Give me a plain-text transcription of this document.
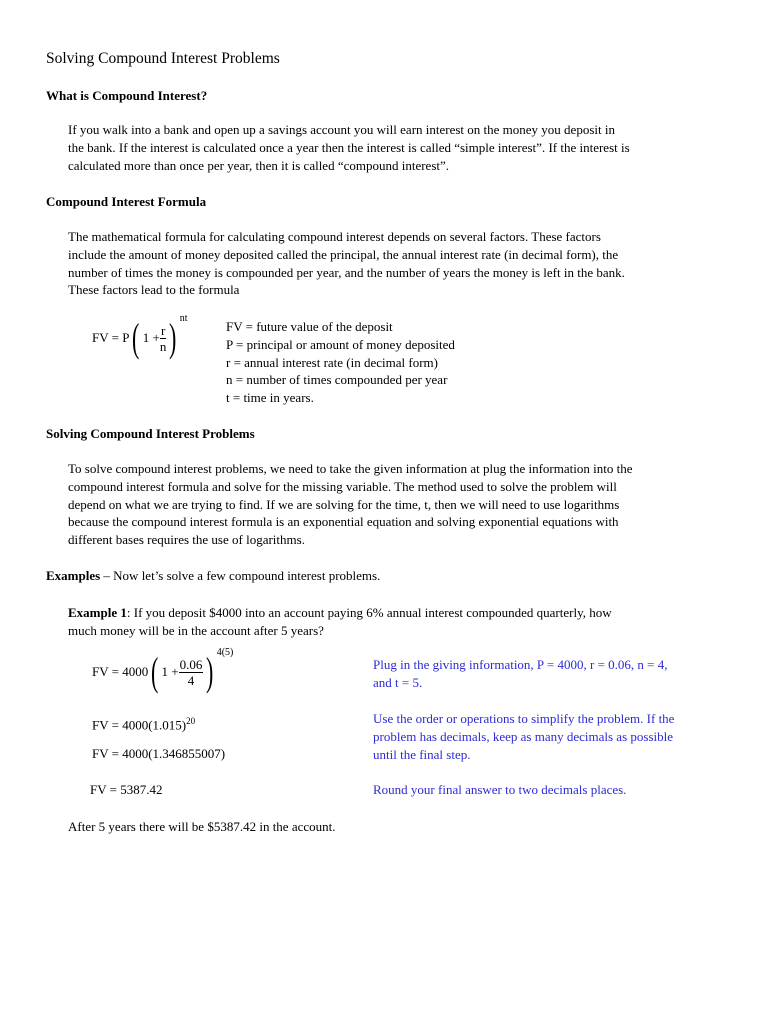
Solving Compound Interest Problems
What is Compound Interest?

If you walk into a bank and open up a savings account you will earn interest on the money you deposit in

the bank. If the interest is calculated once a year then the interest is called “simple interest”. If the interest is

calculated more than once per year, then it is called “compound interest”.

Compound Interest Formula

The mathematical formula for calculating compound interest depends on several factors. These factors

include the amount of money deposited called the principal, the annual interest rate (in decimal form), the

number of times the money is compounded per year, and the number of years the money is left in the bank.

These factors lead to the formula

FV = P( $1 + \frac{r}{n}$ ) $^{nt}$

FV = future value of the deposit

P = principal or amount of money deposited

r = annual interest rate (in decimal form)

n = number of times compounded per year

t = time in years.

Solving Compound Interest Problems

To solve compound interest problems, we need to take the given information at plug the information into the

compound interest formula and solve for the missing variable. The method used to solve the problem will

depend on what we are trying to find. If we are solving for the time, t, then we will need to use logarithms

because the compound interest formula is an exponential equation and solving exponential equations with

different bases requires the use of logarithms.

Examples – Now let’s solve a few compound interest problems.

Example 1: If you deposit $4000 into an account paying 6% annual interest compounded quarterly, how

much money will be in the account after 5 years?

FV = 4000( $1 + \frac{0.06}{4}$ ) $^{4(5)}$

Plug in the giving information, P = 4000, r = 0.06, n = 4,

and t = 5.

FV = $4000(1.015)^{20}$
FV = 4000(1.346855007)

Use the order or operations to simplify the problem. If the

problem has decimals, keep as many decimals as possible

until the final step.

FV = 5387.42	Round your final answer to two decimals places.
After 5 years there will be $5387.42 in the account.
